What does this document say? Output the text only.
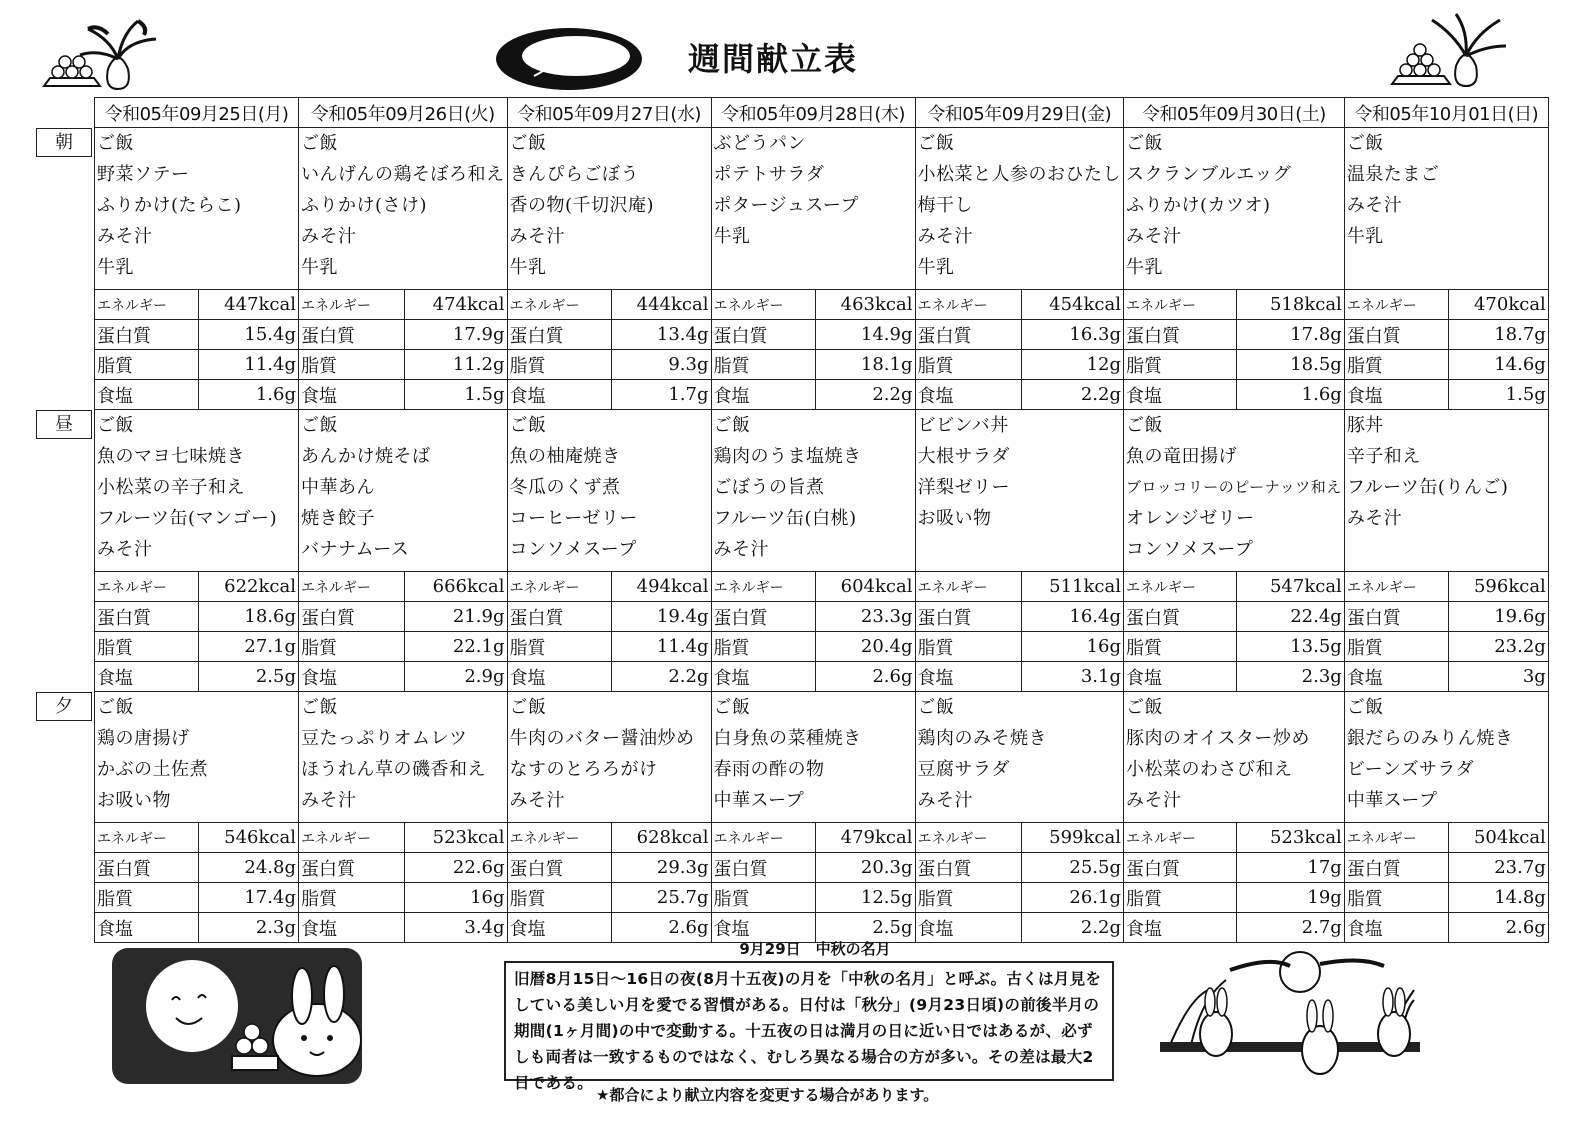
週間献立表
	令和05年09月25日(月)		令和05年09月26日(火)		令和05年09月27日(水)		令和05年09月28日(木)		令和05年09月29日(金)		令和05年09月30日(土)		令和05年10月01日(日)	

朝	ご飯
野菜ソテー
ふりかけ(たらこ)
みそ汁
牛乳		ご飯
いんげんの鶏そぼろ和え
ふりかけ(さけ)
みそ汁
牛乳		ご飯
きんぴらごぼう
香の物(千切沢庵)
みそ汁
牛乳		ぶどうパン
ポテトサラダ
ポタージュスープ
牛乳		ご飯
小松菜と人参のおひたし
梅干し
みそ汁
牛乳		ご飯
スクランブルエッグ
ふりかけ(カツオ)
みそ汁
牛乳		ご飯
温泉たまご
みそ汁
牛乳	

	エネルギー	447kcal	エネルギー	474kcal	エネルギー	444kcal	エネルギー	463kcal	エネルギー	454kcal	エネルギー	518kcal	エネルギー	470kcal
	蛋白質	15.4g	蛋白質	17.9g	蛋白質	13.4g	蛋白質	14.9g	蛋白質	16.3g	蛋白質	17.8g	蛋白質	18.7g
	脂質	11.4g	脂質	11.2g	脂質	9.3g	脂質	18.1g	脂質	12g	脂質	18.5g	脂質	14.6g
	食塩	1.6g	食塩	1.5g	食塩	1.7g	食塩	2.2g	食塩	2.2g	食塩	1.6g	食塩	1.5g

昼	ご飯
魚のマヨ七味焼き
小松菜の辛子和え
フルーツ缶(マンゴー)
みそ汁		ご飯
あんかけ焼そば
中華あん
焼き餃子
バナナムース		ご飯
魚の柚庵焼き
冬瓜のくず煮
コーヒーゼリー
コンソメスープ		ご飯
鶏肉のうま塩焼き
ごぼうの旨煮
フルーツ缶(白桃)
みそ汁		ビビンバ丼
大根サラダ
洋梨ゼリー
お吸い物		ご飯
魚の竜田揚げ
ブロッコリーのピーナッツ和え
オレンジゼリー
コンソメスープ		豚丼
辛子和え
フルーツ缶(りんご)
みそ汁	

	エネルギー	622kcal	エネルギー	666kcal	エネルギー	494kcal	エネルギー	604kcal	エネルギー	511kcal	エネルギー	547kcal	エネルギー	596kcal
	蛋白質	18.6g	蛋白質	21.9g	蛋白質	19.4g	蛋白質	23.3g	蛋白質	16.4g	蛋白質	22.4g	蛋白質	19.6g
	脂質	27.1g	脂質	22.1g	脂質	11.4g	脂質	20.4g	脂質	16g	脂質	13.5g	脂質	23.2g
	食塩	2.5g	食塩	2.9g	食塩	2.2g	食塩	2.6g	食塩	3.1g	食塩	2.3g	食塩	3g

夕	ご飯
鶏の唐揚げ
かぶの土佐煮
お吸い物		ご飯
豆たっぷりオムレツ
ほうれん草の磯香和え
みそ汁		ご飯
牛肉のバター醤油炒め
なすのとろろがけ
みそ汁		ご飯
白身魚の菜種焼き
春雨の酢の物
中華スープ		ご飯
鶏肉のみそ焼き
豆腐サラダ
みそ汁		ご飯
豚肉のオイスター炒め
小松菜のわさび和え
みそ汁		ご飯
銀だらのみりん焼き
ビーンズサラダ
中華スープ	

	エネルギー	546kcal	エネルギー	523kcal	エネルギー	628kcal	エネルギー	479kcal	エネルギー	599kcal	エネルギー	523kcal	エネルギー	504kcal
	蛋白質	24.8g	蛋白質	22.6g	蛋白質	29.3g	蛋白質	20.3g	蛋白質	25.5g	蛋白質	17g	蛋白質	23.7g
	脂質	17.4g	脂質	16g	脂質	25.7g	脂質	12.5g	脂質	26.1g	脂質	19g	脂質	14.8g
	食塩	2.3g	食塩	3.4g	食塩	2.6g	食塩	2.5g	食塩	2.2g	食塩	2.7g	食塩	2.6g
9月29日　中秋の名月
旧暦8月15日～16日の夜(8月十五夜)の月を「中秋の名月」と呼ぶ。古くは月見をしている美しい月を愛でる習慣がある。日付は「秋分」(9月23日頃)の前後半月の期間(1ヶ月間)の中で変動する。十五夜の日は満月の日に近い日ではあるが、必ずしも両者は一致するものではなく、むしろ異なる場合の方が多い。その差は最大2日である。
★都合により献立内容を変更する場合があります。
